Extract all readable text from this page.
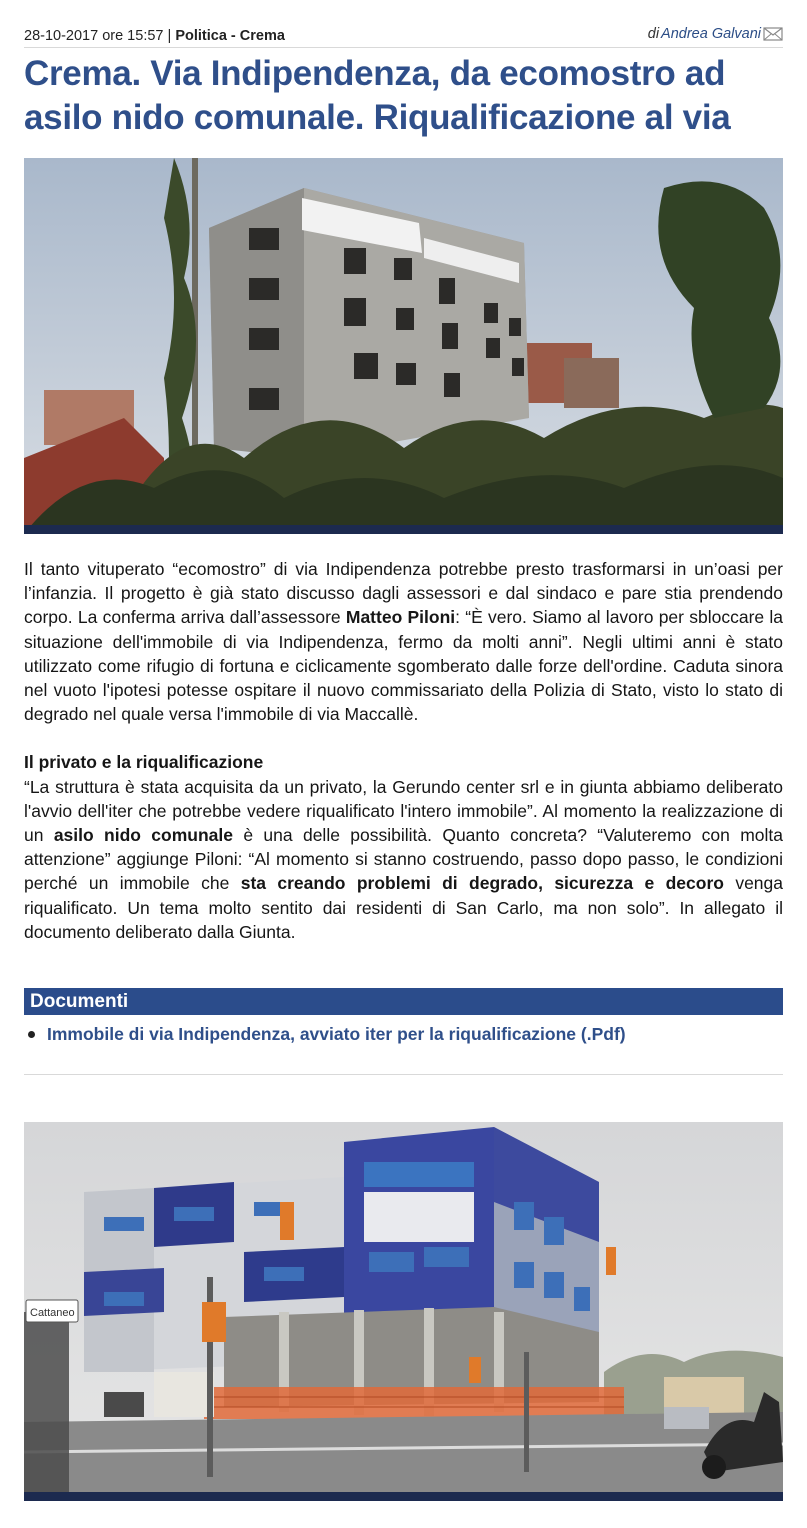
28-10-2017 ore 15:57 | Politica - Crema	di Andrea Galvani
Crema. Via Indipendenza, da ecomostro ad asilo nido comunale. Riqualificazione al via

Il tanto vituperato “ecomostro” di via Indipendenza potrebbe presto trasformarsi in un’oasi per l’infanzia. Il progetto è già stato discusso dagli assessori e dal sindaco e pare stia prendendo corpo. La conferma arriva dall’assessore Matteo Piloni: “È vero. Siamo al lavoro per sbloccare la situazione dell'immobile di via Indipendenza, fermo da molti anni”. Negli ultimi anni è stato utilizzato come rifugio di fortuna e ciclicamente sgomberato dalle forze dell'ordine. Caduta sinora nel vuoto l'ipotesi potesse ospitare il nuovo commissariato della Polizia di Stato, visto lo stato di degrado nel quale versa l'immobile di via Maccallè.

Il privato e la riqualificazione

“La struttura è stata acquisita da un privato, la Gerundo center srl e in giunta abbiamo deliberato l'avvio dell'iter che potrebbe vedere riqualificato l'intero immobile”. Al momento la realizzazione di un asilo nido comunale è una delle possibilità. Quanto concreta? “Valuteremo con molta attenzione” aggiunge Piloni: “Al momento si stanno costruendo, passo dopo passo, le condizioni perché un immobile che sta creando problemi di degrado, sicurezza e decoro venga riqualificato. Un tema molto sentito dai residenti di San Carlo, ma non solo”. In allegato il documento deliberato dalla Giunta.

Documenti
Immobile di via Indipendenza, avviato iter per la riqualificazione (.Pdf)
Cattaneo
